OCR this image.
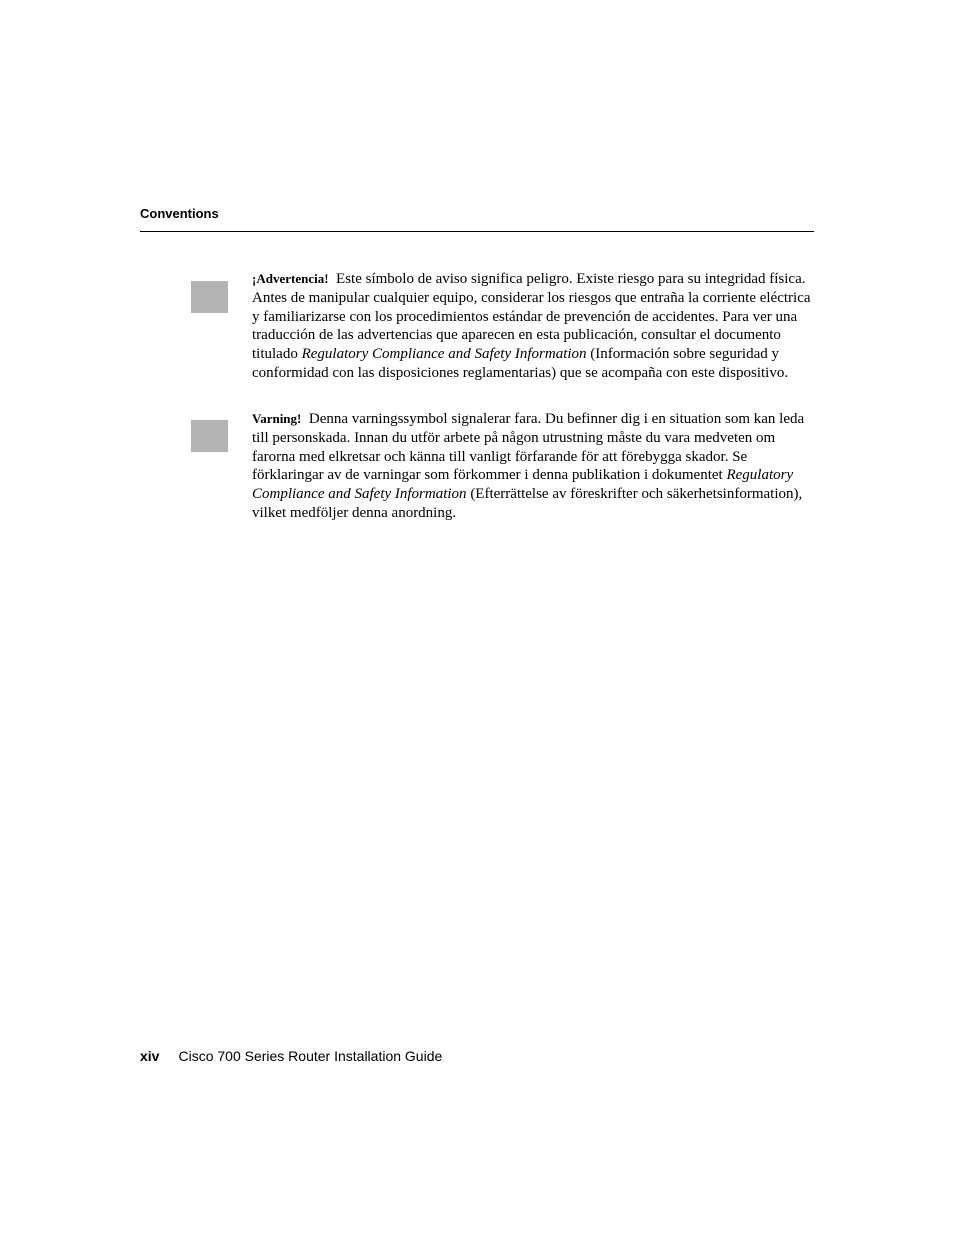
Conventions

¡Advertencia! Este símbolo de aviso significa peligro. Existe riesgo para su integridad física. Antes de manipular cualquier equipo, considerar los riesgos que entraña la corriente eléctrica y familiarizarse con los procedimientos estándar de prevención de accidentes. Para ver una traducción de las advertencias que aparecen en esta publicación, consultar el documento titulado Regulatory Compliance and Safety Information (Información sobre seguridad y conformidad con las disposiciones reglamentarias) que se acompaña con este dispositivo.

Varning! Denna varningssymbol signalerar fara. Du befinner dig i en situation som kan leda till personskada. Innan du utför arbete på någon utrustning måste du vara medveten om farorna med elkretsar och känna till vanligt förfarande för att förebygga skador. Se förklaringar av de varningar som förkommer i denna publikation i dokumentet Regulatory Compliance and Safety Information (Efterrättelse av föreskrifter och säkerhetsinformation), vilket medföljer denna anordning.

xiv Cisco 700 Series Router Installation Guide
